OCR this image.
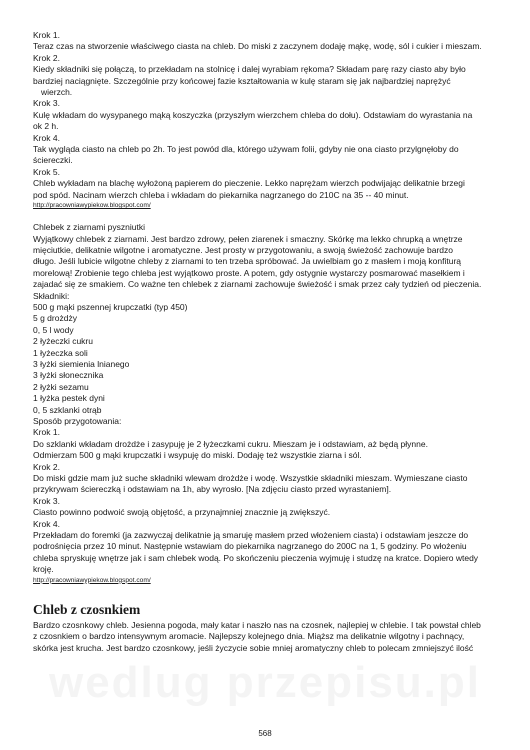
Krok 1.
Teraz czas na stworzenie właściwego ciasta na chleb. Do miski z zaczynem dodaję mąkę, wodę, sól i cukier i mieszam.
Krok 2.
Kiedy składniki się połączą, to przekładam na stolnicę i dalej wyrabiam rękoma? Składam parę razy ciasto aby było
bardziej naciągnięte. Szczególnie przy końcowej fazie kształtowania w kulę staram się jak najbardziej naprężyć
wierzch.
Krok 3.
Kulę wkładam do wysypanego mąką koszyczka (przyszłym wierzchem chleba do dołu). Odstawiam do wyrastania na
ok 2 h.
Krok 4.
Tak wygląda ciasto na chleb po 2h. To jest powód dla, którego używam folii, gdyby nie ona ciasto przylgnęłoby do
ściereczki.
Krok 5.
Chleb wykładam na blachę wyłożoną papierem do pieczenie. Lekko naprężam wierzch podwijając delikatnie brzegi
pod spód. Nacinam wierzch chleba i wkładam do piekarnika nagrzanego do 210C na 35 -- 40 minut.
http://pracowniawypiekow.blogspot.com/
Chlebek z ziarnami pyszniutki
Wyjątkowy chlebek z ziarnami. Jest bardzo zdrowy, pełen ziarenek i smaczny. Skórkę ma lekko chrupką a wnętrze
mięciutkie, delikatnie wilgotne i aromatyczne. Jest prosty w przygotowaniu, a swoją świeżość zachowuje bardzo
długo. Jeśli lubicie wilgotne chleby z ziarnami to ten trzeba spróbować. Ja uwielbiam go z masłem i moją konfiturą
morelową! Zrobienie tego chleba jest wyjątkowo proste. A potem, gdy ostygnie wystarczy posmarować masełkiem i
zajadać się ze smakiem. Co ważne ten chlebek z ziarnami zachowuje świeżość i smak przez cały tydzień od pieczenia.
Składniki:
500 g mąki pszennej krupczatki (typ 450)
5 g drożdży
0, 5 l wody
2 łyżeczki cukru
1 łyżeczka soli
3 łyżki siemienia lnianego
3 łyżki słonecznika
2 łyżki sezamu
1 łyżka pestek dyni
0, 5 szklanki otrąb
Sposób przygotowania:
Krok 1.
Do szklanki wkładam drożdże i zasypuję je 2 łyżeczkami cukru. Mieszam je i odstawiam, aż będą płynne.
Odmierzam 500 g mąki krupczatki i wsypuję do miski. Dodaję też wszystkie ziarna i sól.
Krok 2.
Do miski gdzie mam już suche składniki wlewam drożdże i wodę. Wszystkie składniki mieszam. Wymieszane ciasto
przykrywam ściereczką i odstawiam na 1h, aby wyrosło. [Na zdjęciu ciasto przed wyrastaniem].
Krok 3.
Ciasto powinno podwoić swoją objętość, a przynajmniej znacznie ją zwiększyć.
Krok 4.
Przekładam do foremki (ja zazwyczaj delikatnie ją smaruję masłem przed włożeniem ciasta) i odstawiam jeszcze do
podrośnięcia przez 10 minut. Następnie wstawiam do piekarnika nagrzanego do 200C na 1, 5 godziny. Po włożeniu
chleba spryskuję wnętrze jak i sam chlebek wodą. Po skończeniu pieczenia wyjmuję i studzę na kratce. Dopiero wtedy
kroję.
http://pracowniawypiekow.blogspot.com/
Chleb z czosnkiem
Bardzo czosnkowy chleb. Jesienna pogoda, mały katar i naszło nas na czosnek, najlepiej w chlebie. I tak powstał chleb
z czosnkiem o bardzo intensywnym aromacie. Najlepszy kolejnego dnia. Miąższ ma delikatnie wilgotny i pachnący,
skórka jest krucha. Jest bardzo czosnkowy, jeśli życzycie sobie mniej aromatyczny chleb to polecam zmniejszyć ilość
wedlug przepisu.pl
568
